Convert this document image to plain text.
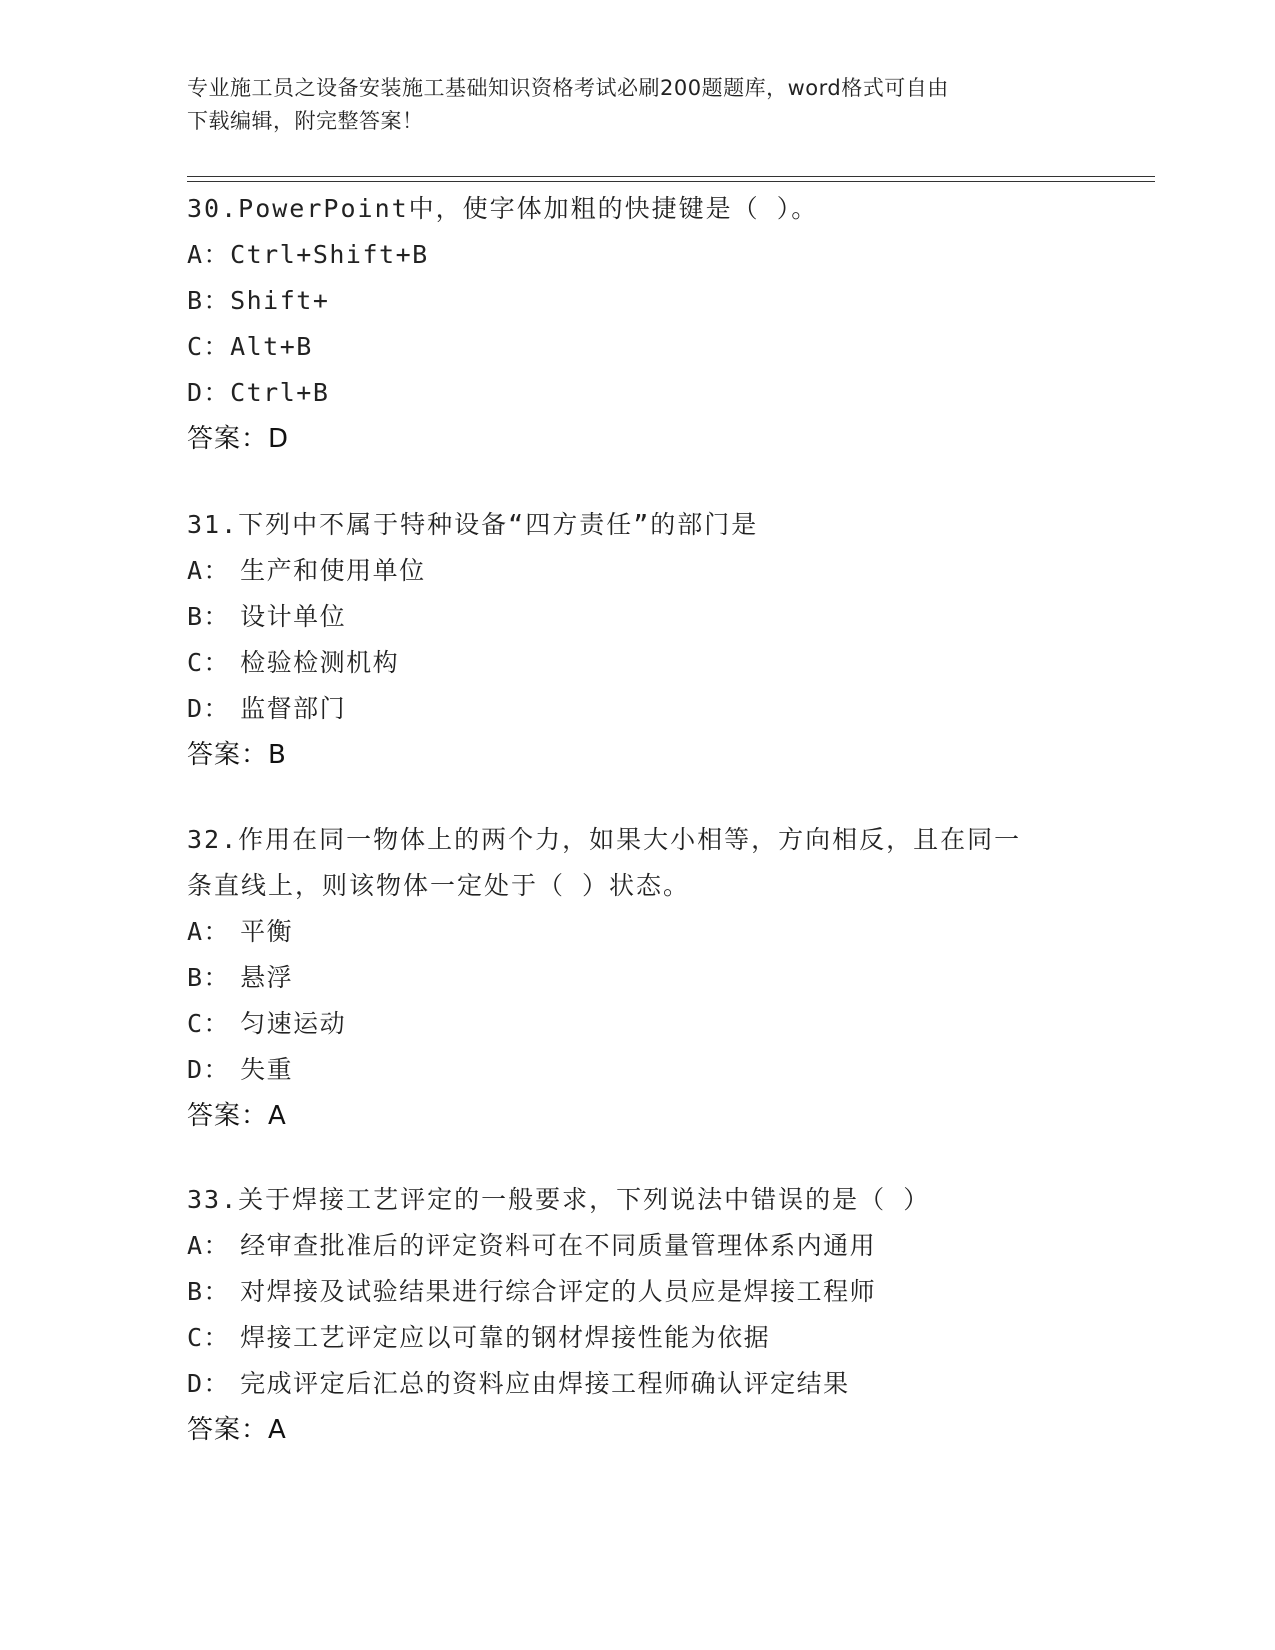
专业施工员之设备安装施工基础知识资格考试必刷200题题库，word格式可自由
下载编辑，附完整答案！
30.PowerPoint中，使字体加粗的快捷键是（ ）。
A：Ctrl+Shift+B
B：Shift+
C：Alt+B
D：Ctrl+B
答案：D
31.下列中不属于特种设备“四方责任”的部门是
A： 生产和使用单位
B： 设计单位
C： 检验检测机构
D： 监督部门
答案：B
32.作用在同一物体上的两个力，如果大小相等，方向相反，且在同一
条直线上，则该物体一定处于（ ）状态。
A： 平衡
B： 悬浮
C： 匀速运动
D： 失重
答案：A
33.关于焊接工艺评定的一般要求，下列说法中错误的是（ ）
A： 经审查批准后的评定资料可在不同质量管理体系内通用
B： 对焊接及试验结果进行综合评定的人员应是焊接工程师
C： 焊接工艺评定应以可靠的钢材焊接性能为依据
D： 完成评定后汇总的资料应由焊接工程师确认评定结果
答案：A
